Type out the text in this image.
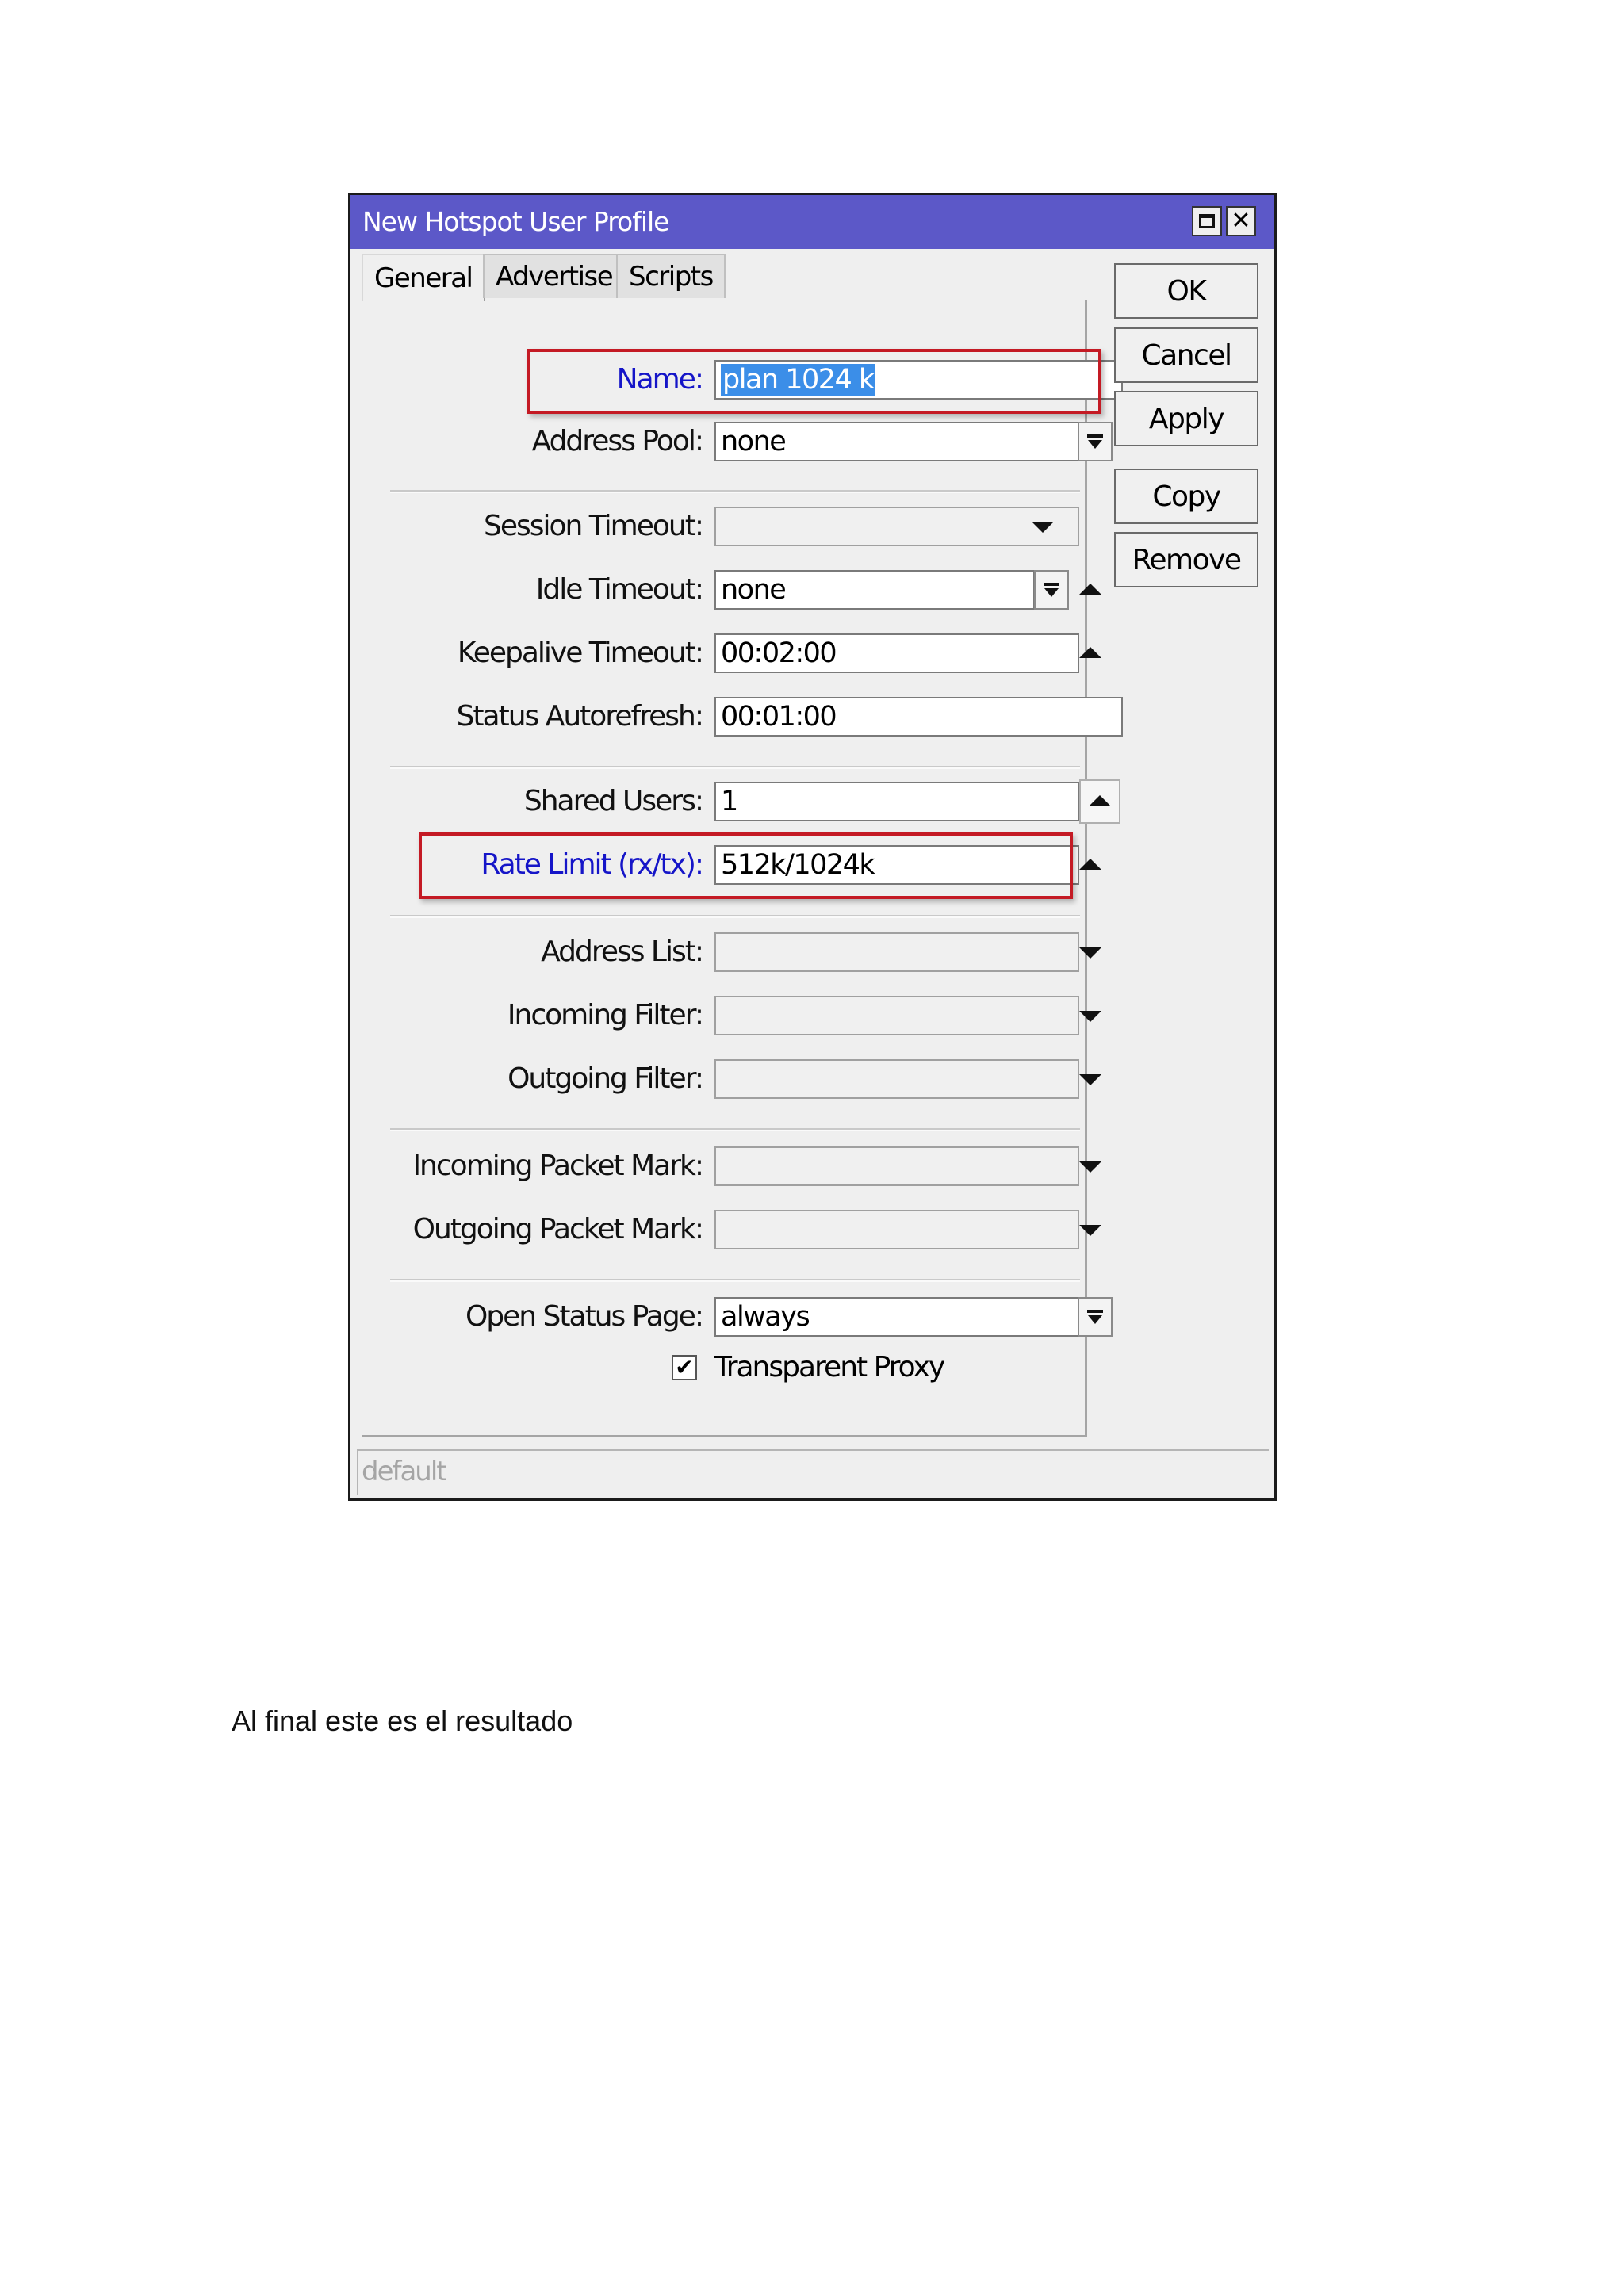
New Hotspot User Profile	✕
General Advertise Scripts
Name: plan 1024 k
Address Pool: none
Session Timeout:
Idle Timeout: none
Keepalive Timeout: 00:02:00
Status Autorefresh: 00:01:00
Shared Users: 1
Rate Limit (rx/tx): 512k/1024k
Address List:
Incoming Filter:
Outgoing Filter:
Incoming Packet Mark:
Outgoing Packet Mark:
Open Status Page: always
✔ Transparent Proxy
OK
Cancel
Apply
Copy
Remove
default
Al final este es el resultado
